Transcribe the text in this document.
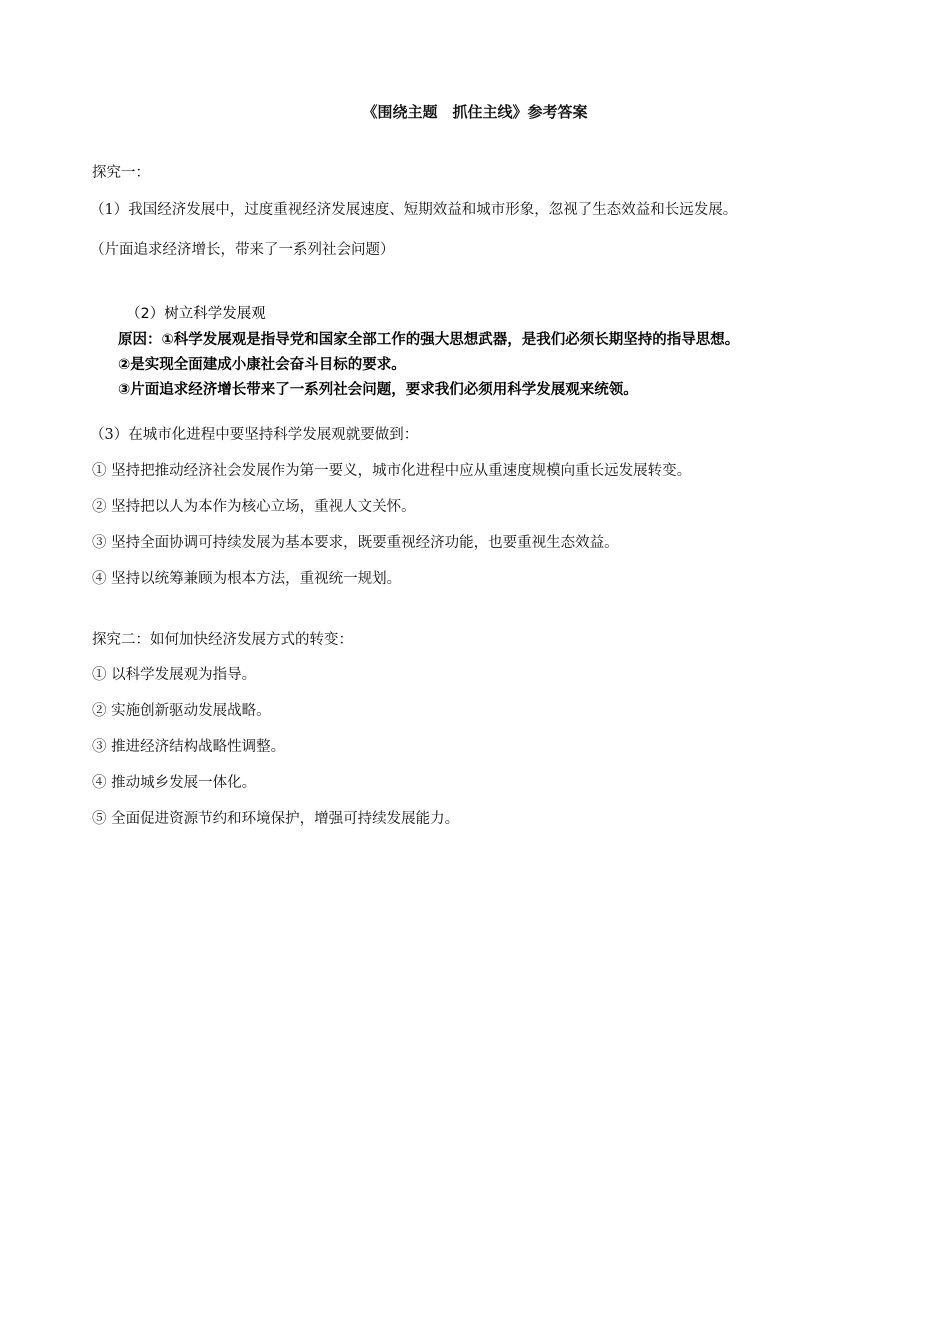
《围绕主题　抓住主线》参考答案
探究一：
（1）我国经济发展中，过度重视经济发展速度、短期效益和城市形象，忽视了生态效益和长远发展。
（片面追求经济增长，带来了一系列社会问题）
（2）树立科学发展观
原因：①科学发展观是指导党和国家全部工作的强大思想武器，是我们必须长期坚持的指导思想。
②是实现全面建成小康社会奋斗目标的要求。
③片面追求经济增长带来了一系列社会问题，要求我们必须用科学发展观来统领。
（3）在城市化进程中要坚持科学发展观就要做到：
① 坚持把推动经济社会发展作为第一要义，城市化进程中应从重速度规模向重长远发展转变。
② 坚持把以人为本作为核心立场，重视人文关怀。
③ 坚持全面协调可持续发展为基本要求，既要重视经济功能，也要重视生态效益。
④ 坚持以统筹兼顾为根本方法，重视统一规划。
探究二：如何加快经济发展方式的转变：
① 以科学发展观为指导。
② 实施创新驱动发展战略。
③ 推进经济结构战略性调整。
④ 推动城乡发展一体化。
⑤ 全面促进资源节约和环境保护，增强可持续发展能力。
